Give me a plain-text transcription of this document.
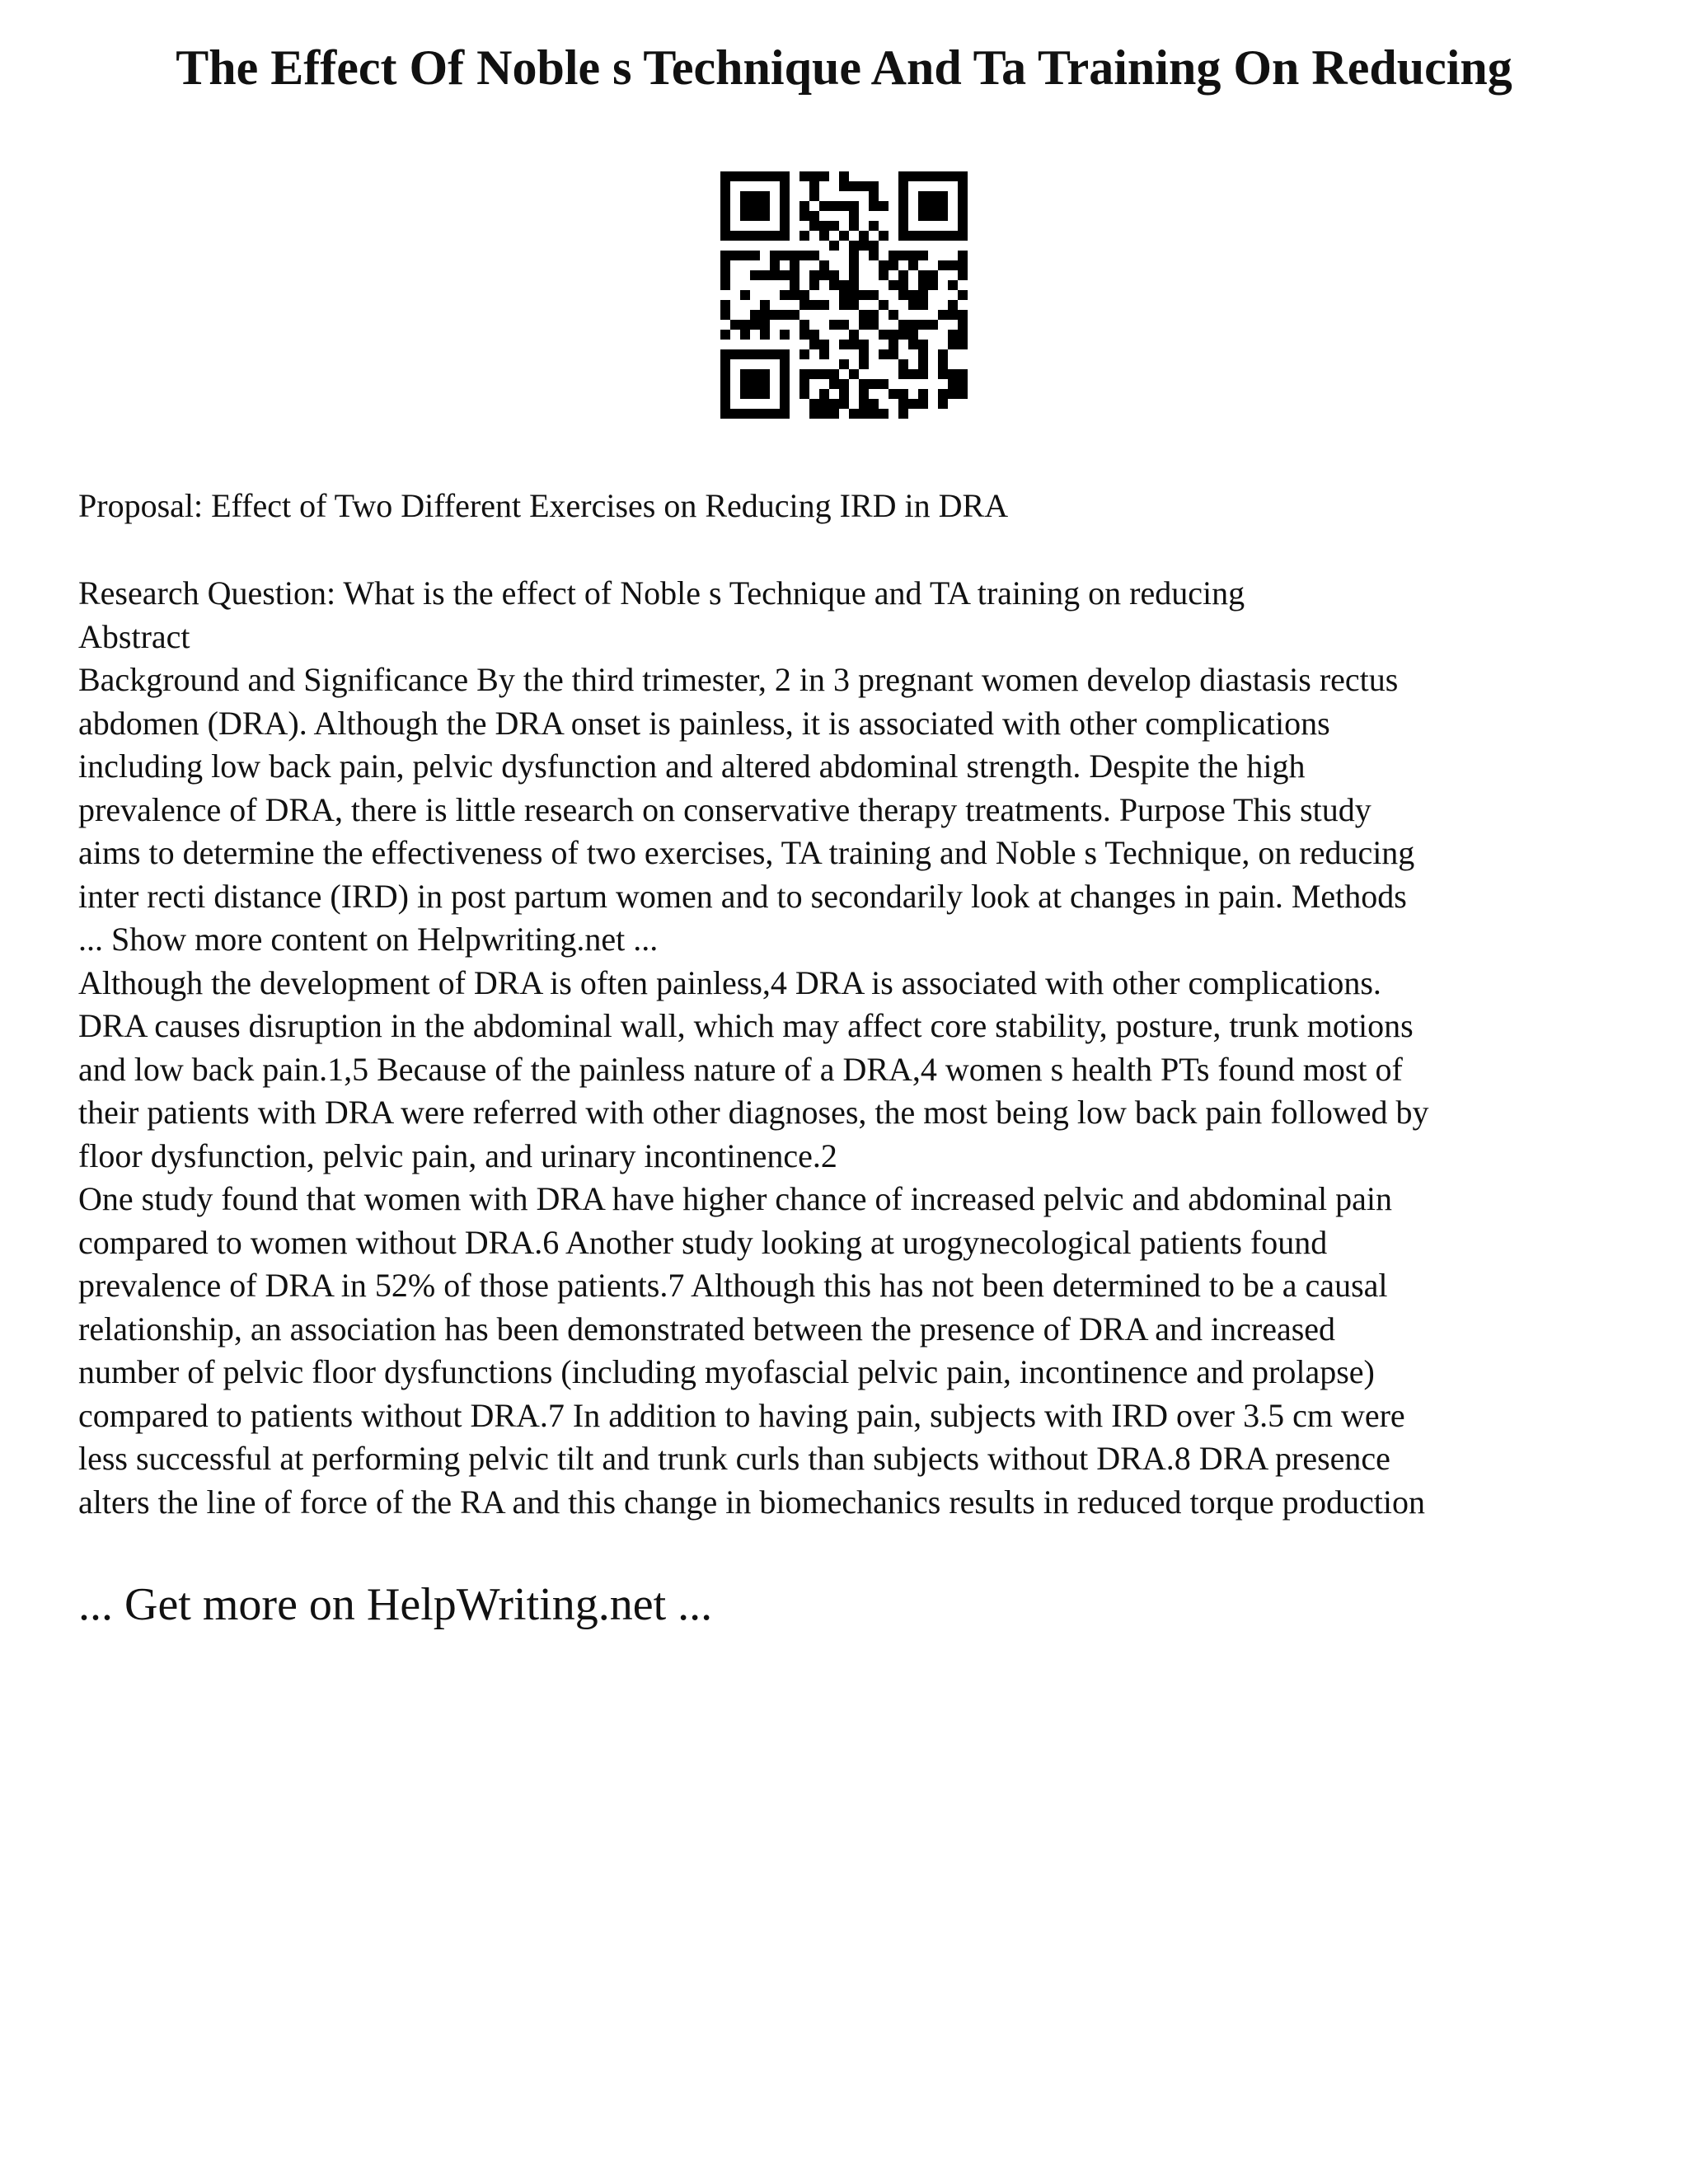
The Effect Of Noble s Technique And Ta Training On Reducing

Proposal: Effect of Two Different Exercises on Reducing IRD in DRA

Research Question: What is the effect of Noble s Technique and TA training on reducing
Abstract
Background and Significance By the third trimester, 2 in 3 pregnant women develop diastasis rectus
abdomen (DRA). Although the DRA onset is painless, it is associated with other complications
including low back pain, pelvic dysfunction and altered abdominal strength. Despite the high
prevalence of DRA, there is little research on conservative therapy treatments. Purpose This study
aims to determine the effectiveness of two exercises, TA training and Noble s Technique, on reducing
inter recti distance (IRD) in post partum women and to secondarily look at changes in pain. Methods
... Show more content on Helpwriting.net ...
Although the development of DRA is often painless,4 DRA is associated with other complications.
DRA causes disruption in the abdominal wall, which may affect core stability, posture, trunk motions
and low back pain.1,5 Because of the painless nature of a DRA,4 women s health PTs found most of
their patients with DRA were referred with other diagnoses, the most being low back pain followed by
floor dysfunction, pelvic pain, and urinary incontinence.2
One study found that women with DRA have higher chance of increased pelvic and abdominal pain
compared to women without DRA.6 Another study looking at urogynecological patients found
prevalence of DRA in 52% of those patients.7 Although this has not been determined to be a causal
relationship, an association has been demonstrated between the presence of DRA and increased
number of pelvic floor dysfunctions (including myofascial pelvic pain, incontinence and prolapse)
compared to patients without DRA.7 In addition to having pain, subjects with IRD over 3.5 cm were
less successful at performing pelvic tilt and trunk curls than subjects without DRA.8 DRA presence
alters the line of force of the RA and this change in biomechanics results in reduced torque production

... Get more on HelpWriting.net ...
